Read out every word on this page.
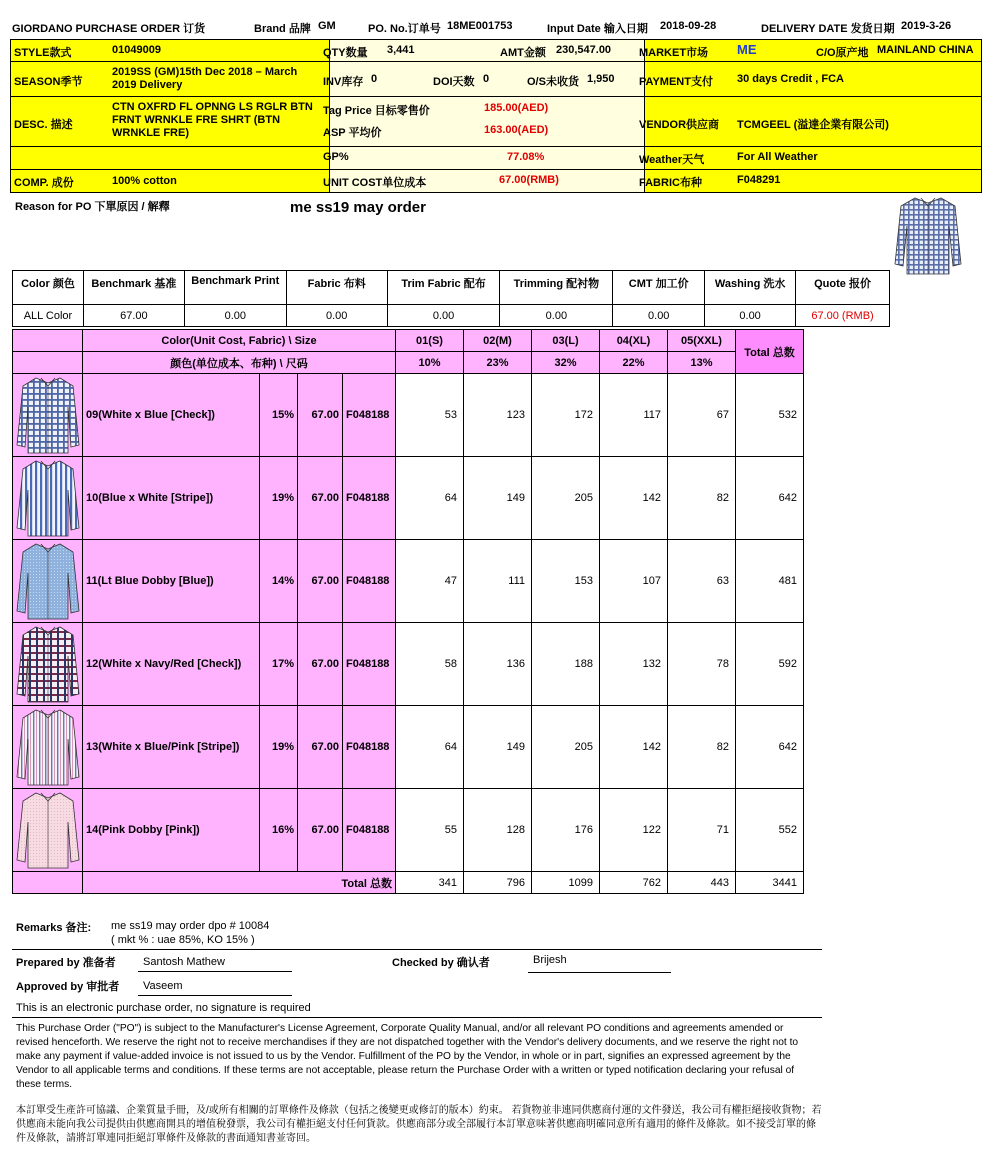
GIORDANO PURCHASE ORDER 订货	Brand 品牌 GM	PO. No.订单号 18ME001753	Input Date 输入日期 2018-09-28	DELIVERY DATE 发货日期 2019-3-26
STYLE款式	01049009
SEASON季节
2019SS (GM)15th Dec 2018 – March 2019 Delivery
DESC. 描述
CTN OXFRD FL OPNNG LS RGLR BTN FRNT WRNKLE FRE SHRT (BTN WRNKLE FRE)
COMP. 成份	100% cotton
QTY数量 3,441	AMT金额 230,547.00
INV库存 0	DOI天数 0	O/S未收货 1,950
Tag Price 目标零售价	185.00(AED)
ASP 平均价	163.00(AED)
GP%	77.08%
UNIT COST单位成本	67.00(RMB)
MARKET市场 ME	C/O原产地 MAINLAND CHINA
PAYMENT支付 30 days Credit , FCA
VENDOR供应商 TCMGEEL (溢達企業有限公司)
Weather天气	For All Weather
FABRIC布种	F048291
Reason for PO 下單原因 / 解釋	me ss19 may order
Color 颜色	Benchmark 基准	Benchmark Print	Fabric 布料	Trim Fabric 配布	Trimming 配衬物	CMT 加工价	Washing 洗水	Quote 报价
ALL Color	67.00	0.00	0.00	0.00	0.00	0.00	0.00	67.00 (RMB)
	Color(Unit Cost, Fabric) \ Size				01(S)	02(M)	03(L)	04(XL)	05(XXL)	Total 总数
	颜色(单位成本、布种) \ 尺码				10%	23%	32%	22%	13%	

	09(White x Blue [Check])	15%	67.00	F048188	53	123	172	117	67	532

	10(Blue x White [Stripe])	19%	67.00	F048188	64	149	205	142	82	642

	11(Lt Blue Dobby [Blue])	14%	67.00	F048188	47	111	153	107	63	481

	12(White x Navy/Red [Check])	17%	67.00	F048188	58	136	188	132	78	592

	13(White x Blue/Pink [Stripe])	19%	67.00	F048188	64	149	205	142	82	642

	14(Pink Dobby [Pink])	16%	67.00	F048188	55	128	176	122	71	552
	Total 总数				341	796	1099	762	443	3441
Remarks 备注: me ss19 may order dpo # 10084
( mkt % : uae 85%, KO 15% )
Prepared by 准备者 Santosh Mathew	Checked by 确认者	Brijesh
Approved by 审批者 Vaseem
This is an electronic purchase order, no signature is required
This Purchase Order ("PO") is subject to the Manufacturer's License Agreement, Corporate Quality Manual, and/or all relevant PO conditions and agreements amended or revised henceforth. We reserve the right not to receive merchandises if they are not dispatched together with the Vendor's delivery documents, and we reserve the right not to make any payment if value-added invoice is not issued to us by the Vendor. Fulfillment of the PO by the Vendor, in whole or in part, signifies an expressed agreement by the Vendor to all applicable terms and conditions. If these terms are not acceptable, please return the Purchase Order with a written or typed notification declaring your refusal of these terms.
本訂單受生產許可協議、企業質量手冊，及/或所有相關的訂單條件及條款（包括之後變更或修訂的版本）約束。 若貨物並非連同供應商付運的文件發送，我公司有權拒絕接收貨物；若供應商未能向我公司提供由供應商開具的增值稅發票，我公司有權拒絕支付任何貨款。供應商部分或全部履行本訂單意味著供應商明確同意所有適用的條件及條款。如不接受訂單的條件及條款，請將訂單連同拒絕訂單條件及條款的書面通知書並寄回。
